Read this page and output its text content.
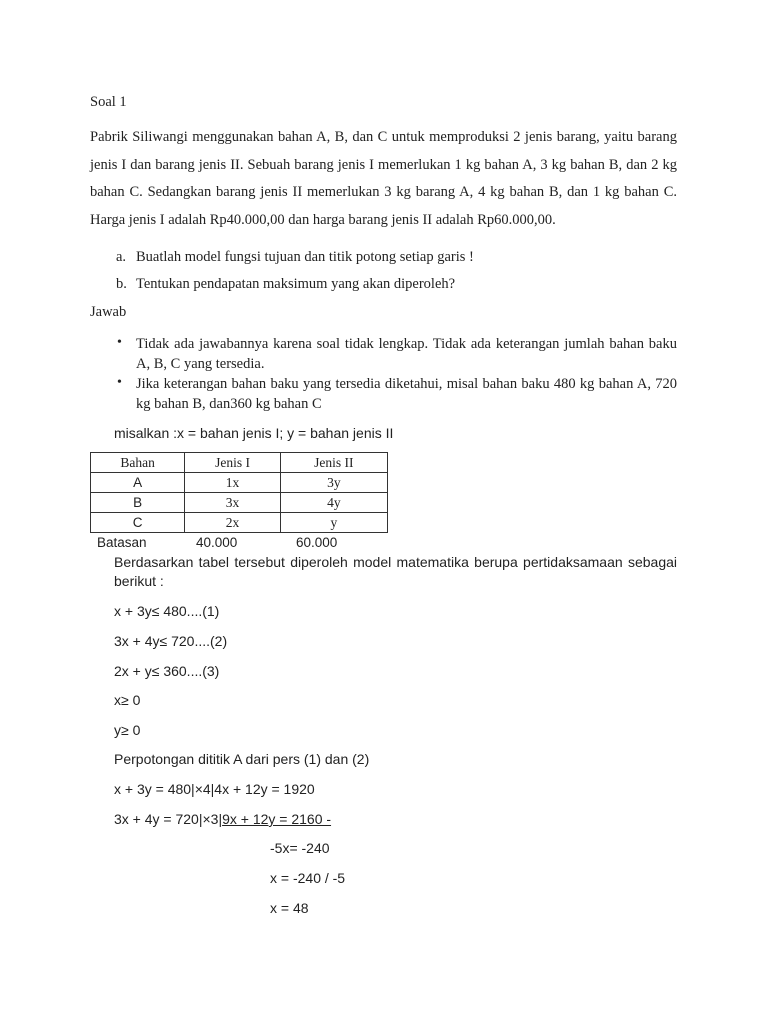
Soal 1
Pabrik Siliwangi menggunakan bahan A, B, dan C untuk memproduksi 2 jenis barang, yaitu barang jenis I dan barang jenis II. Sebuah barang jenis I memerlukan 1 kg bahan A, 3 kg bahan B, dan 2 kg bahan C. Sedangkan barang jenis II memerlukan 3 kg barang A, 4 kg bahan B, dan 1 kg bahan C. Harga jenis I adalah Rp40.000,00 dan harga barang jenis II adalah Rp60.000,00.
a. Buatlah model fungsi tujuan dan titik potong setiap garis !
b. Tentukan pendapatan maksimum yang akan diperoleh?
Jawab
• Tidak ada jawabannya karena soal tidak lengkap. Tidak ada keterangan jumlah bahan baku A, B, C yang tersedia.
• Jika keterangan bahan baku yang tersedia diketahui, misal bahan baku 480 kg bahan A, 720 kg bahan B, dan360 kg bahan C
misalkan :x = bahan jenis I; y = bahan jenis II
Bahan	Jenis I	Jenis II
A	1x	3y
B	3x	4y
C	2x	y
Batasan	40.000	60.000
Berdasarkan tabel tersebut diperoleh model matematika berupa pertidaksamaan sebagai berikut :
x + 3y≤ 480....(1)
3x + 4y≤ 720....(2)
2x + y≤ 360....(3)
x≥ 0
y≥ 0
Perpotongan dititik A dari pers (1) dan (2)
x + 3y = 480|×4|4x + 12y = 1920
3x + 4y = 720|×3|9x + 12y = 2160 -
-5x= -240
x = -240 / -5
x = 48
